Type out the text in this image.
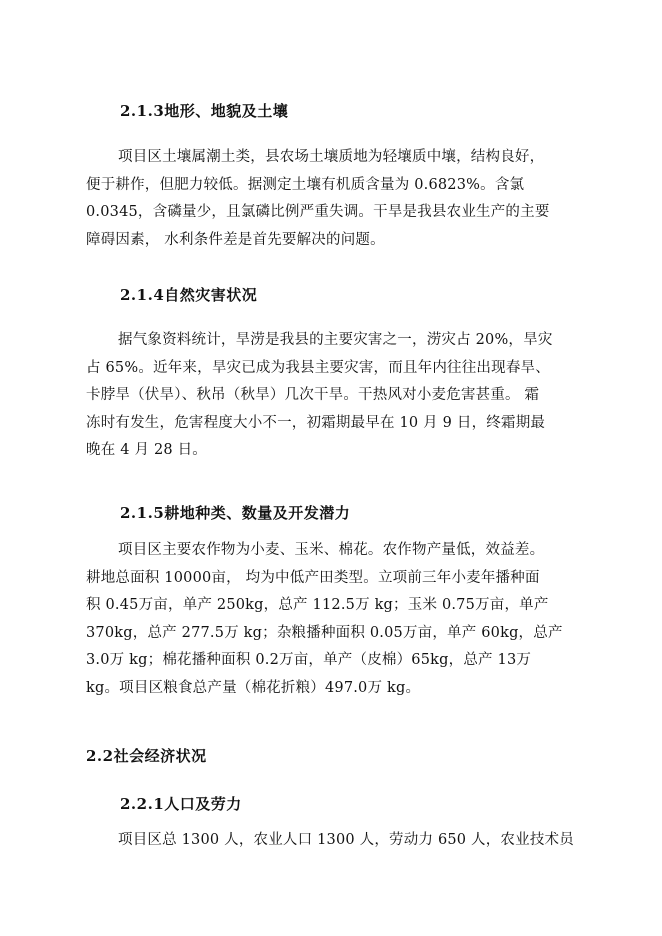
2.1.3地形、地貌及土壤
项目区土壤属潮土类，县农场土壤质地为轻壤质中壤，结构良好，
便于耕作，但肥力较低。据测定土壤有机质含量为 0.6823%。含氯
0.0345，含磷量少，且氯磷比例严重失调。干旱是我县农业生产的主要
障碍因素， 水利条件差是首先要解决的问题。
2.1.4自然灾害状况
据气象资料统计，旱涝是我县的主要灾害之一，涝灾占 20%，旱灾
占 65%。近年来，旱灾已成为我县主要灾害，而且年内往往出现春旱、
卡脖旱（伏旱）、秋吊（秋旱）几次干旱。干热风对小麦危害甚重。 霜
冻时有发生，危害程度大小不一，初霜期最早在 10 月 9 日，终霜期最
晚在 4 月 28 日。
2.1.5耕地种类、数量及开发潜力
项目区主要农作物为小麦、玉米、棉花。农作物产量低，效益差。
耕地总面积 10000亩， 均为中低产田类型。立项前三年小麦年播种面
积 0.45万亩，单产 250kg，总产 112.5万 kg；玉米 0.75万亩，单产
370kg，总产 277.5万 kg；杂粮播种面积 0.05万亩，单产 60kg，总产
3.0万 kg；棉花播种面积 0.2万亩，单产（皮棉）65kg，总产 13万
kg。项目区粮食总产量（棉花折粮）497.0万 kg。
2.2社会经济状况
2.2.1人口及劳力
项目区总 1300 人，农业人口 1300 人，劳动力 650 人，农业技术员
